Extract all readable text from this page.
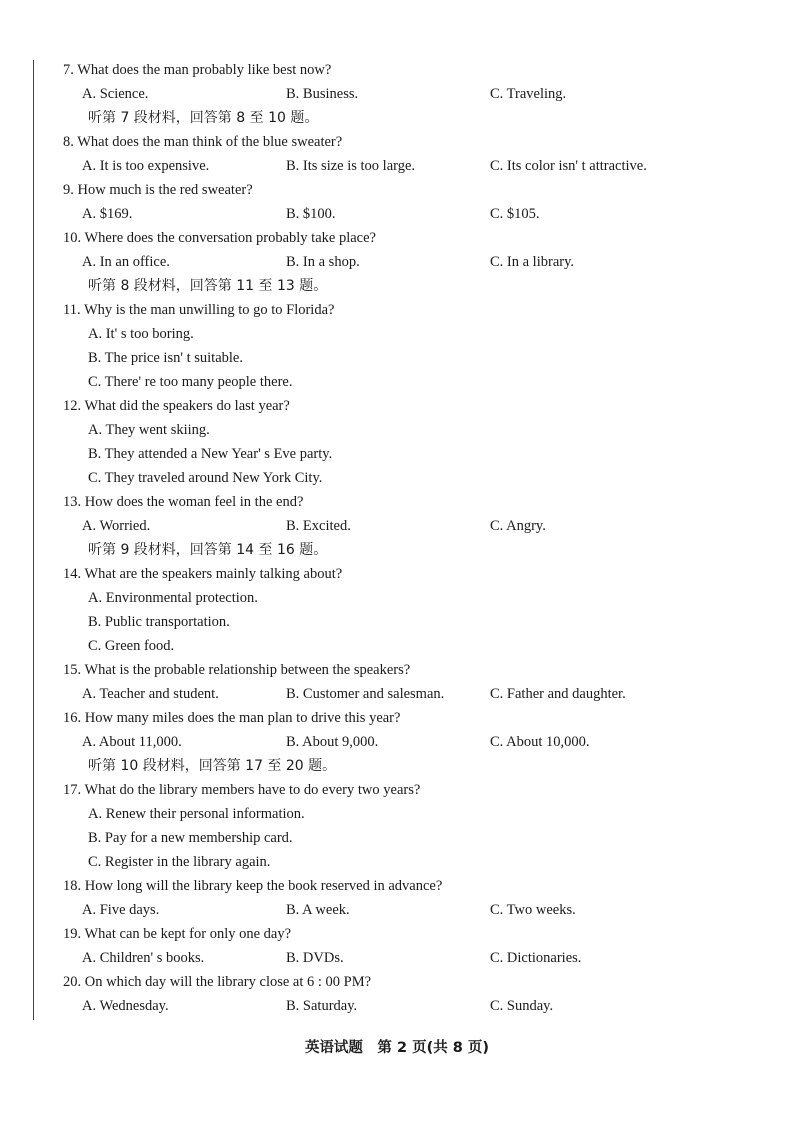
7. What does the man probably like best now?
A. Science.	B. Business.	C. Traveling.
听第 7 段材料，回答第 8 至 10 题。
8. What does the man think of the blue sweater?
A. It is too expensive.	B. Its size is too large.	C. Its color isn' t attractive.
9. How much is the red sweater?
A. $169.	B. $100.	C. $105.
10. Where does the conversation probably take place?
A. In an office.	B. In a shop.	C. In a library.
听第 8 段材料，回答第 11 至 13 题。
11. Why is the man unwilling to go to Florida?
A. It' s too boring.
B. The price isn' t suitable.
C. There' re too many people there.
12. What did the speakers do last year?
A. They went skiing.
B. They attended a New Year' s Eve party.
C. They traveled around New York City.
13. How does the woman feel in the end?
A. Worried.	B. Excited.	C. Angry.
听第 9 段材料，回答第 14 至 16 题。
14. What are the speakers mainly talking about?
A. Environmental protection.
B. Public transportation.
C. Green food.
15. What is the probable relationship between the speakers?
A. Teacher and student.	B. Customer and salesman.	C. Father and daughter.
16. How many miles does the man plan to drive this year?
A. About 11,000.	B. About 9,000.	C. About 10,000.
听第 10 段材料，回答第 17 至 20 题。
17. What do the library members have to do every two years?
A. Renew their personal information.
B. Pay for a new membership card.
C. Register in the library again.
18. How long will the library keep the book reserved in advance?
A. Five days.	B. A week.	C. Two weeks.
19. What can be kept for only one day?
A. Children' s books.	B. DVDs.	C. Dictionaries.
20. On which day will the library close at 6 : 00 PM?
A. Wednesday.	B. Saturday.	C. Sunday.
英语试题　第 2 页(共 8 页)
